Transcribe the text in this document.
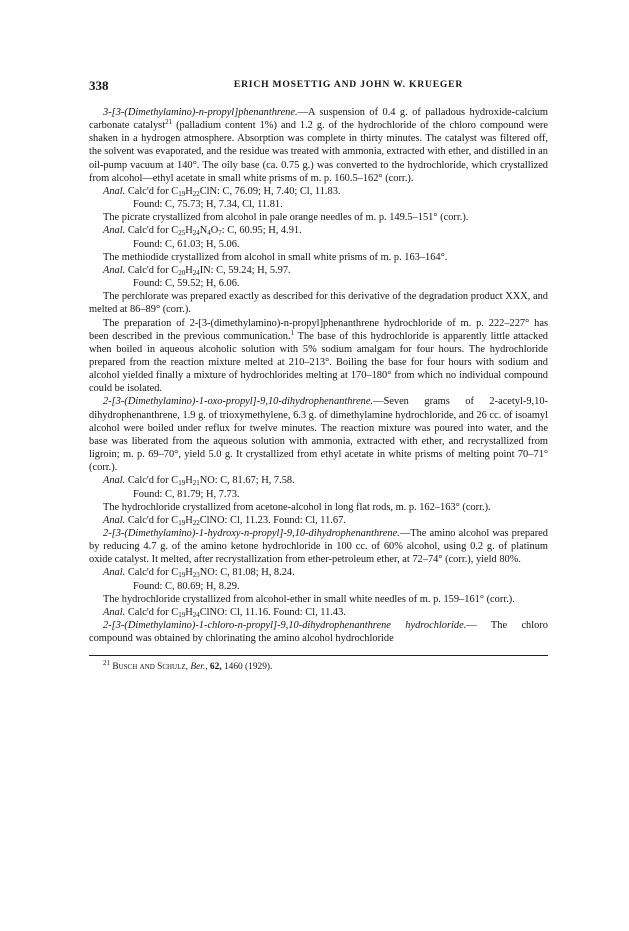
338	ERICH MOSETTIG AND JOHN W. KRUEGER

3-[3-(Dimethylamino)-n-propyl]phenanthrene.—A suspension of 0.4 g. of palladous hydroxide-calcium carbonate catalyst$^{21}$ (palladium content 1%) and 1.2 g. of the hydrochloride of the chloro compound were shaken in a hydrogen atmosphere. Absorption was complete in thirty minutes. The catalyst was filtered off, the solvent was evaporated, and the residue was treated with ammonia, extracted with ether, and distilled in an oil-pump vacuum at 140°. The oily base (ca. 0.75 g.) was converted to the hydrochloride, which crystallized from alcohol—ethyl acetate in small white prisms of m. p. 160.5–162° (corr.).

Anal. Calc'd for $C_{19}H_{22}ClN$: C, 76.09; H, 7.40; Cl, 11.83.

Found: C, 75.73; H, 7.34, Cl, 11.81.

The picrate crystallized from alcohol in pale orange needles of m. p. 149.5–151° (corr.).

Anal. Calc'd for $C_{25}H_{24}N_4O_7$: C, 60.95; H, 4.91.

Found: C, 61.03; H, 5.06.

The methiodide crystallized from alcohol in small white prisms of m. p. 163–164°.

Anal. Calc'd for $C_{20}H_{24}IN$: C, 59.24; H, 5.97.

Found: C, 59.52; H, 6.06.

The perchlorate was prepared exactly as described for this derivative of the degradation product XXX, and melted at 86–89° (corr.).

The preparation of 2-[3-(dimethylamino)-n-propyl]phenanthrene hydrochloride of m. p. 222–227° has been described in the previous communication.$^1$ The base of this hydrochloride is apparently little attacked when boiled in aqueous alcoholic solution with 5% sodium amalgam for four hours. The hydrochloride prepared from the reaction mixture melted at 210–213°. Boiling the base for four hours with sodium and alcohol yielded finally a mixture of hydrochlorides melting at 170–180° from which no individual compound could be isolated.

2-[3-(Dimethylamino)-1-oxo-propyl]-9,10-dihydrophenanthrene.—Seven grams of 2-acetyl-9,10-dihydrophenanthrene, 1.9 g. of trioxymethylene, 6.3 g. of dimethylamine hydrochloride, and 26 cc. of isoamyl alcohol were boiled under reflux for twelve minutes. The reaction mixture was poured into water, and the base was liberated from the aqueous solution with ammonia, extracted with ether, and recrystallized from ligroin; m. p. 69–70°, yield 5.0 g. It crystallized from ethyl acetate in white prisms of melting point 70–71° (corr.).

Anal. Calc'd for $C_{19}H_{21}NO$: C, 81.67; H, 7.58.

Found: C, 81.79; H, 7.73.

The hydrochloride crystallized from acetone-alcohol in long flat rods, m. p. 162–163° (corr.).

Anal. Calc'd for $C_{19}H_{22}ClNO$: Cl, 11.23. Found: Cl, 11.67.

2-[3-(Dimethylamino)-1-hydroxy-n-propyl]-9,10-dihydrophenanthrene.—The amino alcohol was prepared by reducing 4.7 g. of the amino ketone hydrochloride in 100 cc. of 60% alcohol, using 0.2 g. of platinum oxide catalyst. It melted, after recrystallization from ether-petroleum ether, at 72–74° (corr.), yield 80%.

Anal. Calc'd for $C_{19}H_{23}NO$: C, 81.08; H, 8.24.

Found: C, 80.69; H, 8.29.

The hydrochloride crystallized from alcohol-ether in small white needles of m. p. 159–161° (corr.).

Anal. Calc'd for $C_{19}H_{24}ClNO$: Cl, 11.16. Found: Cl, 11.43.

2-[3-(Dimethylamino)-1-chloro-n-propyl]-9,10-dihydrophenanthrene hydrochloride.— The chloro compound was obtained by chlorinating the amino alcohol hydrochloride

$^{21}$ Busch and Schulz, Ber., 62, 1460 (1929).
